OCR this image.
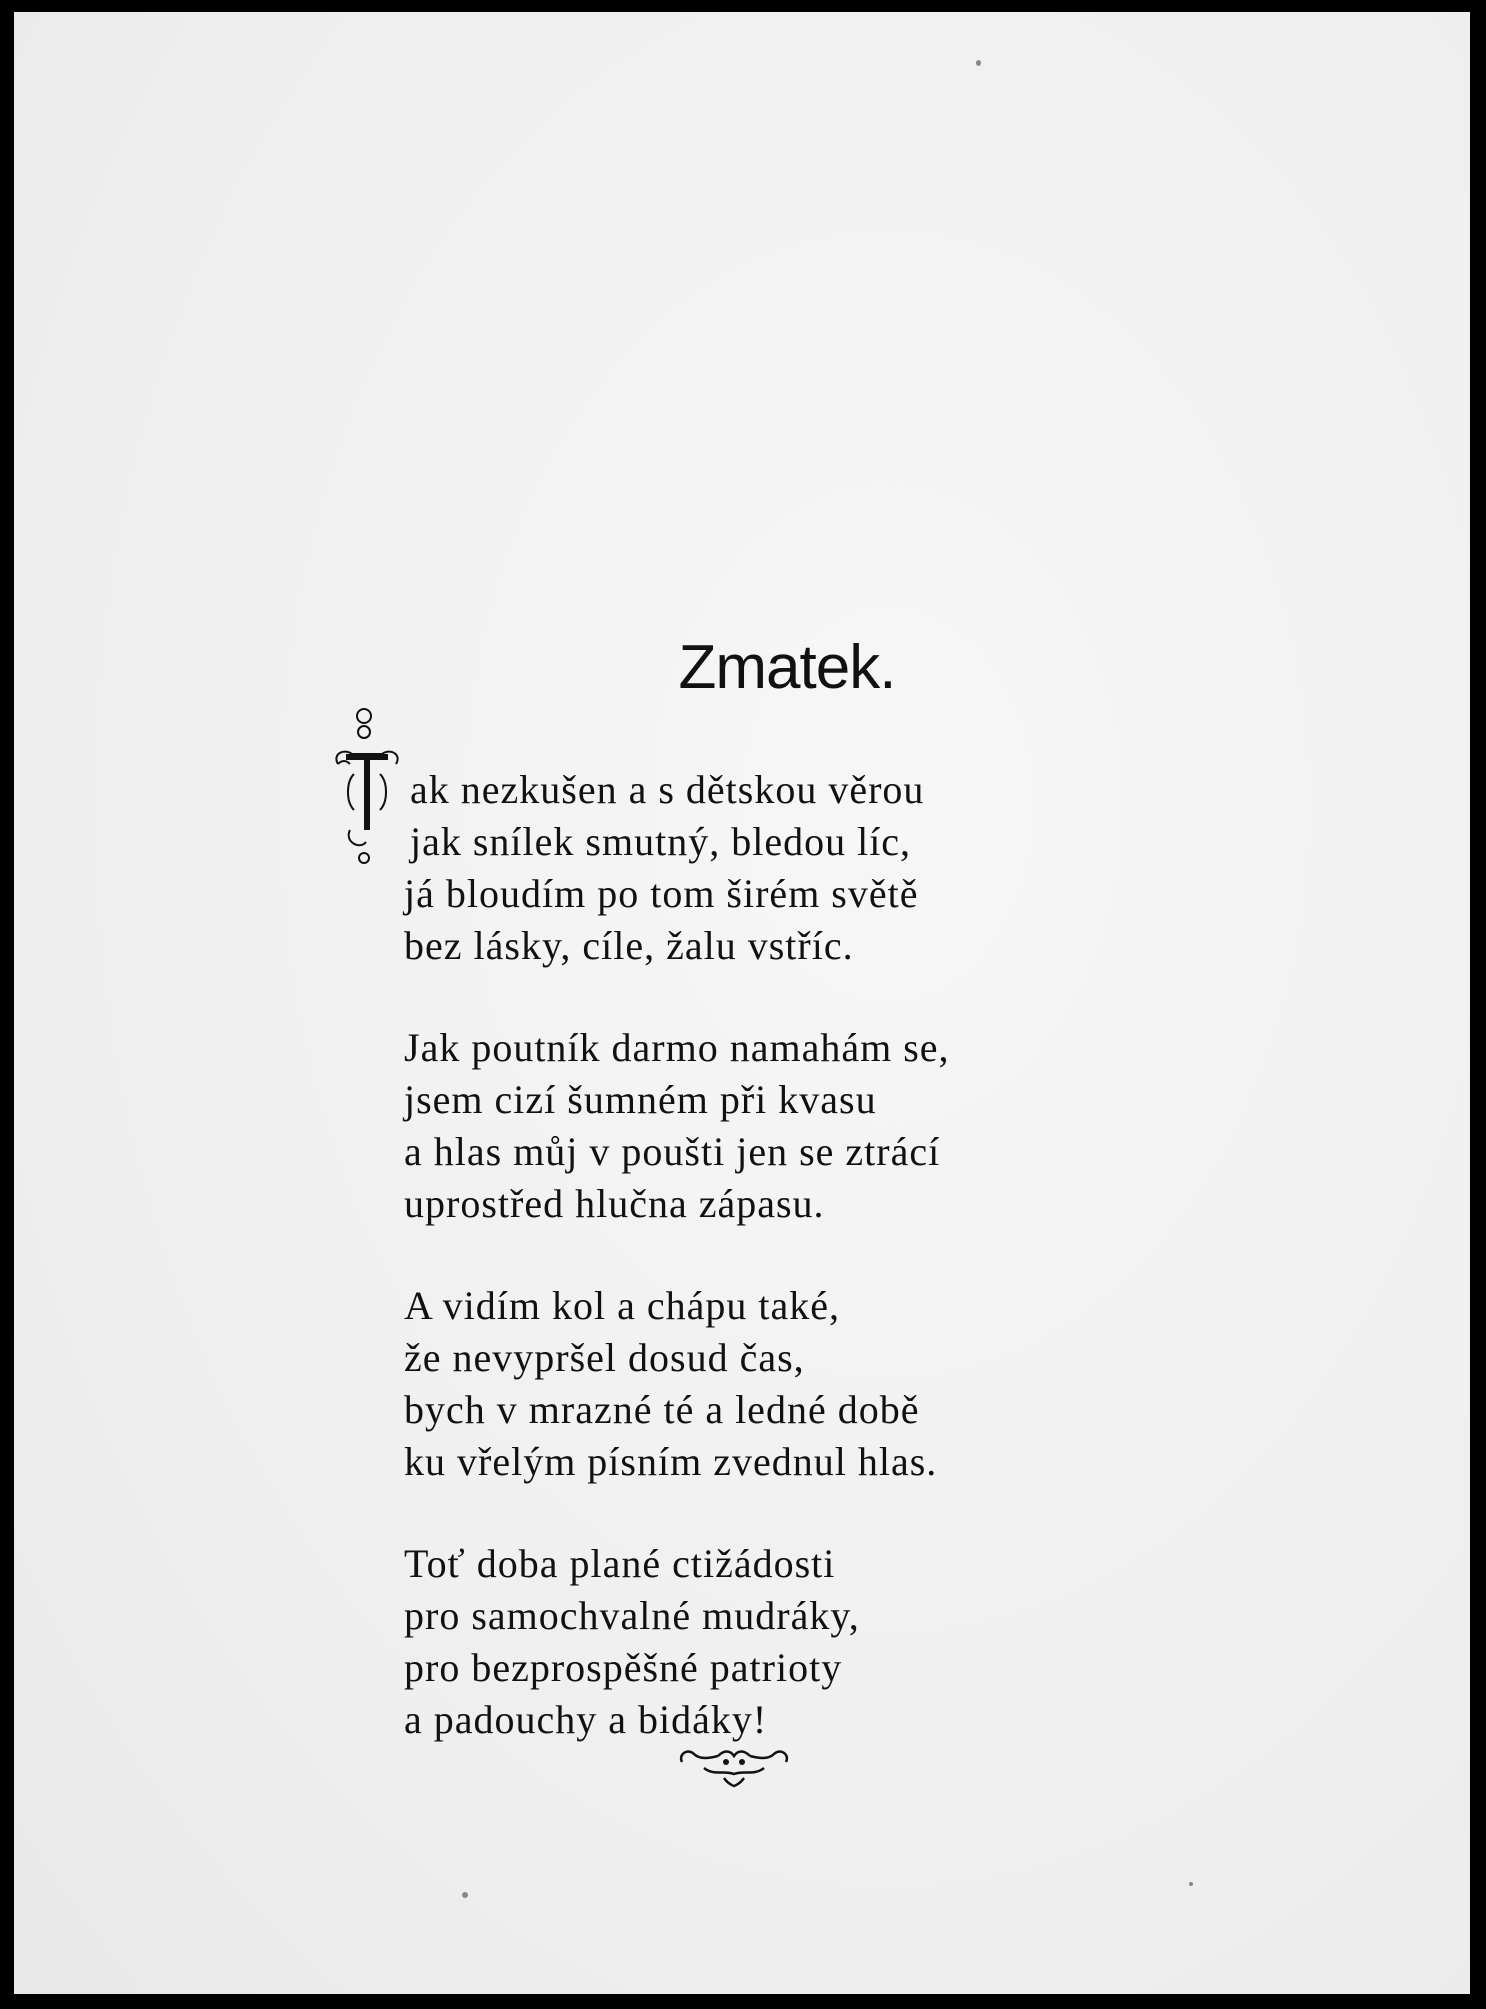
Zmatek.
ak nezkušen a s dětskou věrou
jak snílek smutný, bledou líc,
já bloudím po tom širém světě
bez lásky, cíle, žalu vstříc.
Jak poutník darmo namahám se,
jsem cizí šumném při kvasu
a hlas můj v poušti jen se ztrácí
uprostřed hlučna zápasu.
A vidím kol a chápu také,
že nevypršel dosud čas,
bych v mrazné té a ledné době
ku vřelým písním zvednul hlas.
Toť doba plané ctižádosti
pro samochvalné mudráky,
pro bezprospěšné patrioty
a padouchy a bidáky!
